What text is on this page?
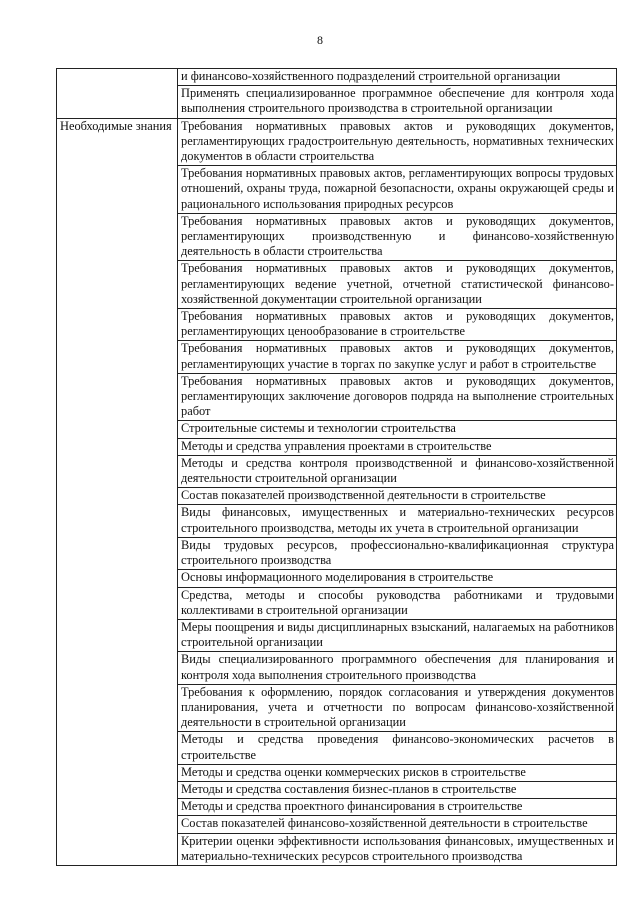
8
	и финансово-хозяйственного подразделений строительной организации
	Применять специализированное программное обеспечение для контроля хода выполнения строительного производства в строительной организации
Необходимые знания	Требования нормативных правовых актов и руководящих документов, регламентирующих градостроительную деятельность, нормативных технических документов в области строительства
	Требования нормативных правовых актов, регламентирующих вопросы трудовых отношений, охраны труда, пожарной безопасности, охраны окружающей среды и рационального использования природных ресурсов
	Требования нормативных правовых актов и руководящих документов, регламентирующих производственную и финансово-хозяйственную деятельность в области строительства
	Требования нормативных правовых актов и руководящих документов, регламентирующих ведение учетной, отчетной статистической финансово-хозяйственной документации строительной организации
	Требования нормативных правовых актов и руководящих документов, регламентирующих ценообразование в строительстве
	Требования нормативных правовых актов и руководящих документов, регламентирующих участие в торгах по закупке услуг и работ в строительстве
	Требования нормативных правовых актов и руководящих документов, регламентирующих заключение договоров подряда на выполнение строительных работ
	Строительные системы и технологии строительства
	Методы и средства управления проектами в строительстве
	Методы и средства контроля производственной и финансово-хозяйственной деятельности строительной организации
	Состав показателей производственной деятельности в строительстве
	Виды финансовых, имущественных и материально-технических ресурсов строительного производства, методы их учета в строительной организации
	Виды трудовых ресурсов, профессионально-квалификационная структура строительного производства
	Основы информационного моделирования в строительстве
	Средства, методы и способы руководства работниками и трудовыми коллективами в строительной организации
	Меры поощрения и виды дисциплинарных взысканий, налагаемых на работников строительной организации
	Виды специализированного программного обеспечения для планирования и контроля хода выполнения строительного производства
	Требования к оформлению, порядок согласования и утверждения документов планирования, учета и отчетности по вопросам финансово-хозяйственной деятельности в строительной организации
	Методы и средства проведения финансово-экономических расчетов в строительстве
	Методы и средства оценки коммерческих рисков в строительстве
	Методы и средства составления бизнес-планов в строительстве
	Методы и средства проектного финансирования в строительстве
	Состав показателей финансово-хозяйственной деятельности в строительстве
	Критерии оценки эффективности использования финансовых, имущественных и материально-технических ресурсов строительного производства
